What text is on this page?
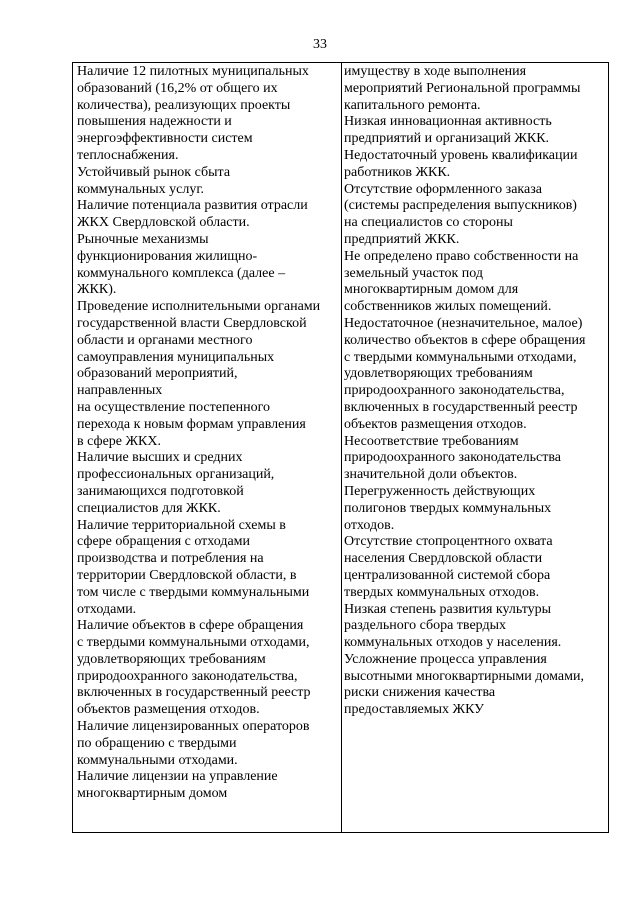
33
Наличие 12 пилотных муниципальных
образований (16,2% от общего их
количества), реализующих проекты
повышения надежности и
энергоэффективности систем
теплоснабжения.
Устойчивый рынок сбыта
коммунальных услуг.
Наличие потенциала развития отрасли
ЖКХ Свердловской области.
Рыночные механизмы
функционирования жилищно-
коммунального комплекса (далее –
ЖКК).
Проведение исполнительными органами
государственной власти Свердловской
области и органами местного
самоуправления муниципальных
образований мероприятий,
направленных
на осуществление постепенного
перехода к новым формам управления
в сфере ЖКХ.
Наличие высших и средних
профессиональных организаций,
занимающихся подготовкой
специалистов для ЖКК.
Наличие территориальной схемы в
сфере обращения с отходами
производства и потребления на
территории Свердловской области, в
том числе с твердыми коммунальными
отходами.
Наличие объектов в сфере обращения
с твердыми коммунальными отходами,
удовлетворяющих требованиям
природоохранного законодательства,
включенных в государственный реестр
объектов размещения отходов.
Наличие лицензированных операторов
по обращению с твердыми
коммунальными отходами.
Наличие лицензии на управление
многоквартирным домом
имуществу в ходе выполнения
мероприятий Региональной программы
капитального ремонта.
Низкая инновационная активность
предприятий и организаций ЖКК.
Недостаточный уровень квалификации
работников ЖКК.
Отсутствие оформленного заказа
(системы распределения выпускников)
на специалистов со стороны
предприятий ЖКК.
Не определено право собственности на
земельный участок под
многоквартирным домом для
собственников жилых помещений.
Недостаточное (незначительное, малое)
количество объектов в сфере обращения
с твердыми коммунальными отходами,
удовлетворяющих требованиям
природоохранного законодательства,
включенных в государственный реестр
объектов размещения отходов.
Несоответствие требованиям
природоохранного законодательства
значительной доли объектов.
Перегруженность действующих
полигонов твердых коммунальных
отходов.
Отсутствие стопроцентного охвата
населения Свердловской области
централизованной системой сбора
твердых коммунальных отходов.
Низкая степень развития культуры
раздельного сбора твердых
коммунальных отходов у населения.
Усложнение процесса управления
высотными многоквартирными домами,
риски снижения качества
предоставляемых ЖКУ
